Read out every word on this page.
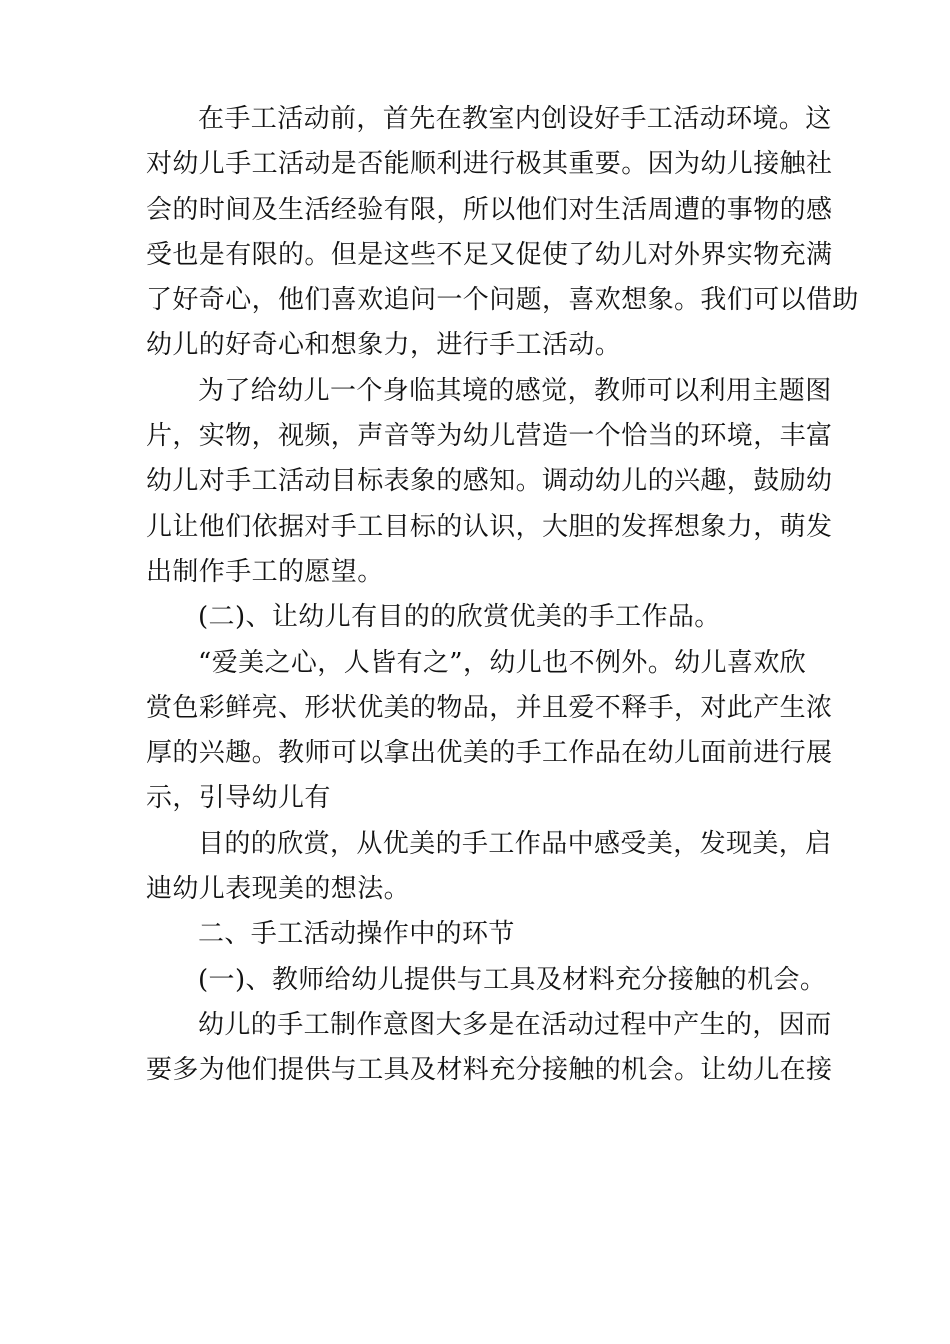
在手工活动前，首先在教室内创设好手工活动环境。这
对幼儿手工活动是否能顺利进行极其重要。因为幼儿接触社
会的时间及生活经验有限，所以他们对生活周遭的事物的感
受也是有限的。但是这些不足又促使了幼儿对外界实物充满
了好奇心，他们喜欢追问一个问题，喜欢想象。我们可以借助
幼儿的好奇心和想象力，进行手工活动。
为了给幼儿一个身临其境的感觉，教师可以利用主题图
片，实物，视频，声音等为幼儿营造一个恰当的环境，丰富
幼儿对手工活动目标表象的感知。调动幼儿的兴趣，鼓励幼
儿让他们依据对手工目标的认识，大胆的发挥想象力，萌发
出制作手工的愿望。
(二)、让幼儿有目的的欣赏优美的手工作品。
“爱美之心，人皆有之”，幼儿也不例外。幼儿喜欢欣
赏色彩鲜亮、形状优美的物品，并且爱不释手，对此产生浓
厚的兴趣。教师可以拿出优美的手工作品在幼儿面前进行展
示，引导幼儿有
目的的欣赏，从优美的手工作品中感受美，发现美，启
迪幼儿表现美的想法。
二、手工活动操作中的环节
(一)、教师给幼儿提供与工具及材料充分接触的机会。
幼儿的手工制作意图大多是在活动过程中产生的，因而
要多为他们提供与工具及材料充分接触的机会。让幼儿在接
